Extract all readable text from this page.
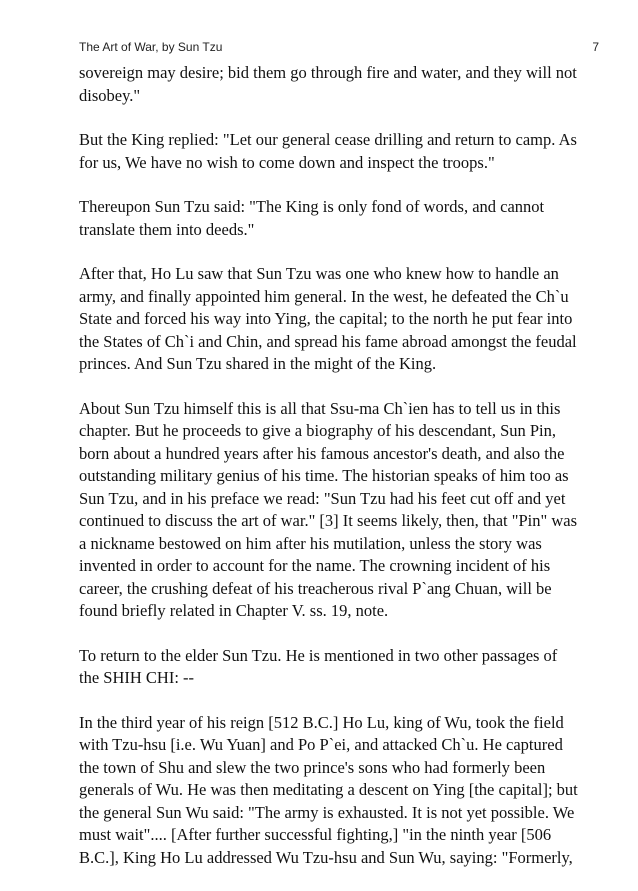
The Art of War, by Sun Tzu	7

sovereign may desire; bid them go through fire and water, and they will not
disobey."

But the King replied: "Let our general cease drilling and return to camp. As
for us, We have no wish to come down and inspect the troops."

Thereupon Sun Tzu said: "The King is only fond of words, and cannot
translate them into deeds."

After that, Ho Lu saw that Sun Tzu was one who knew how to handle an
army, and finally appointed him general. In the west, he defeated the Ch`u
State and forced his way into Ying, the capital; to the north he put fear into
the States of Ch`i and Chin, and spread his fame abroad amongst the feudal
princes. And Sun Tzu shared in the might of the King.

About Sun Tzu himself this is all that Ssu-ma Ch`ien has to tell us in this
chapter. But he proceeds to give a biography of his descendant, Sun Pin,
born about a hundred years after his famous ancestor's death, and also the
outstanding military genius of his time. The historian speaks of him too as
Sun Tzu, and in his preface we read: "Sun Tzu had his feet cut off and yet
continued to discuss the art of war." [3] It seems likely, then, that "Pin" was
a nickname bestowed on him after his mutilation, unless the story was
invented in order to account for the name. The crowning incident of his
career, the crushing defeat of his treacherous rival P`ang Chuan, will be
found briefly related in Chapter V. ss. 19, note.

To return to the elder Sun Tzu. He is mentioned in two other passages of
the SHIH CHI: --

In the third year of his reign [512 B.C.] Ho Lu, king of Wu, took the field
with Tzu-hsu [i.e. Wu Yuan] and Po P`ei, and attacked Ch`u. He captured
the town of Shu and slew the two prince's sons who had formerly been
generals of Wu. He was then meditating a descent on Ying [the capital]; but
the general Sun Wu said: "The army is exhausted. It is not yet possible. We
must wait".... [After further successful fighting,] "in the ninth year [506
B.C.], King Ho Lu addressed Wu Tzu-hsu and Sun Wu, saying: "Formerly,
